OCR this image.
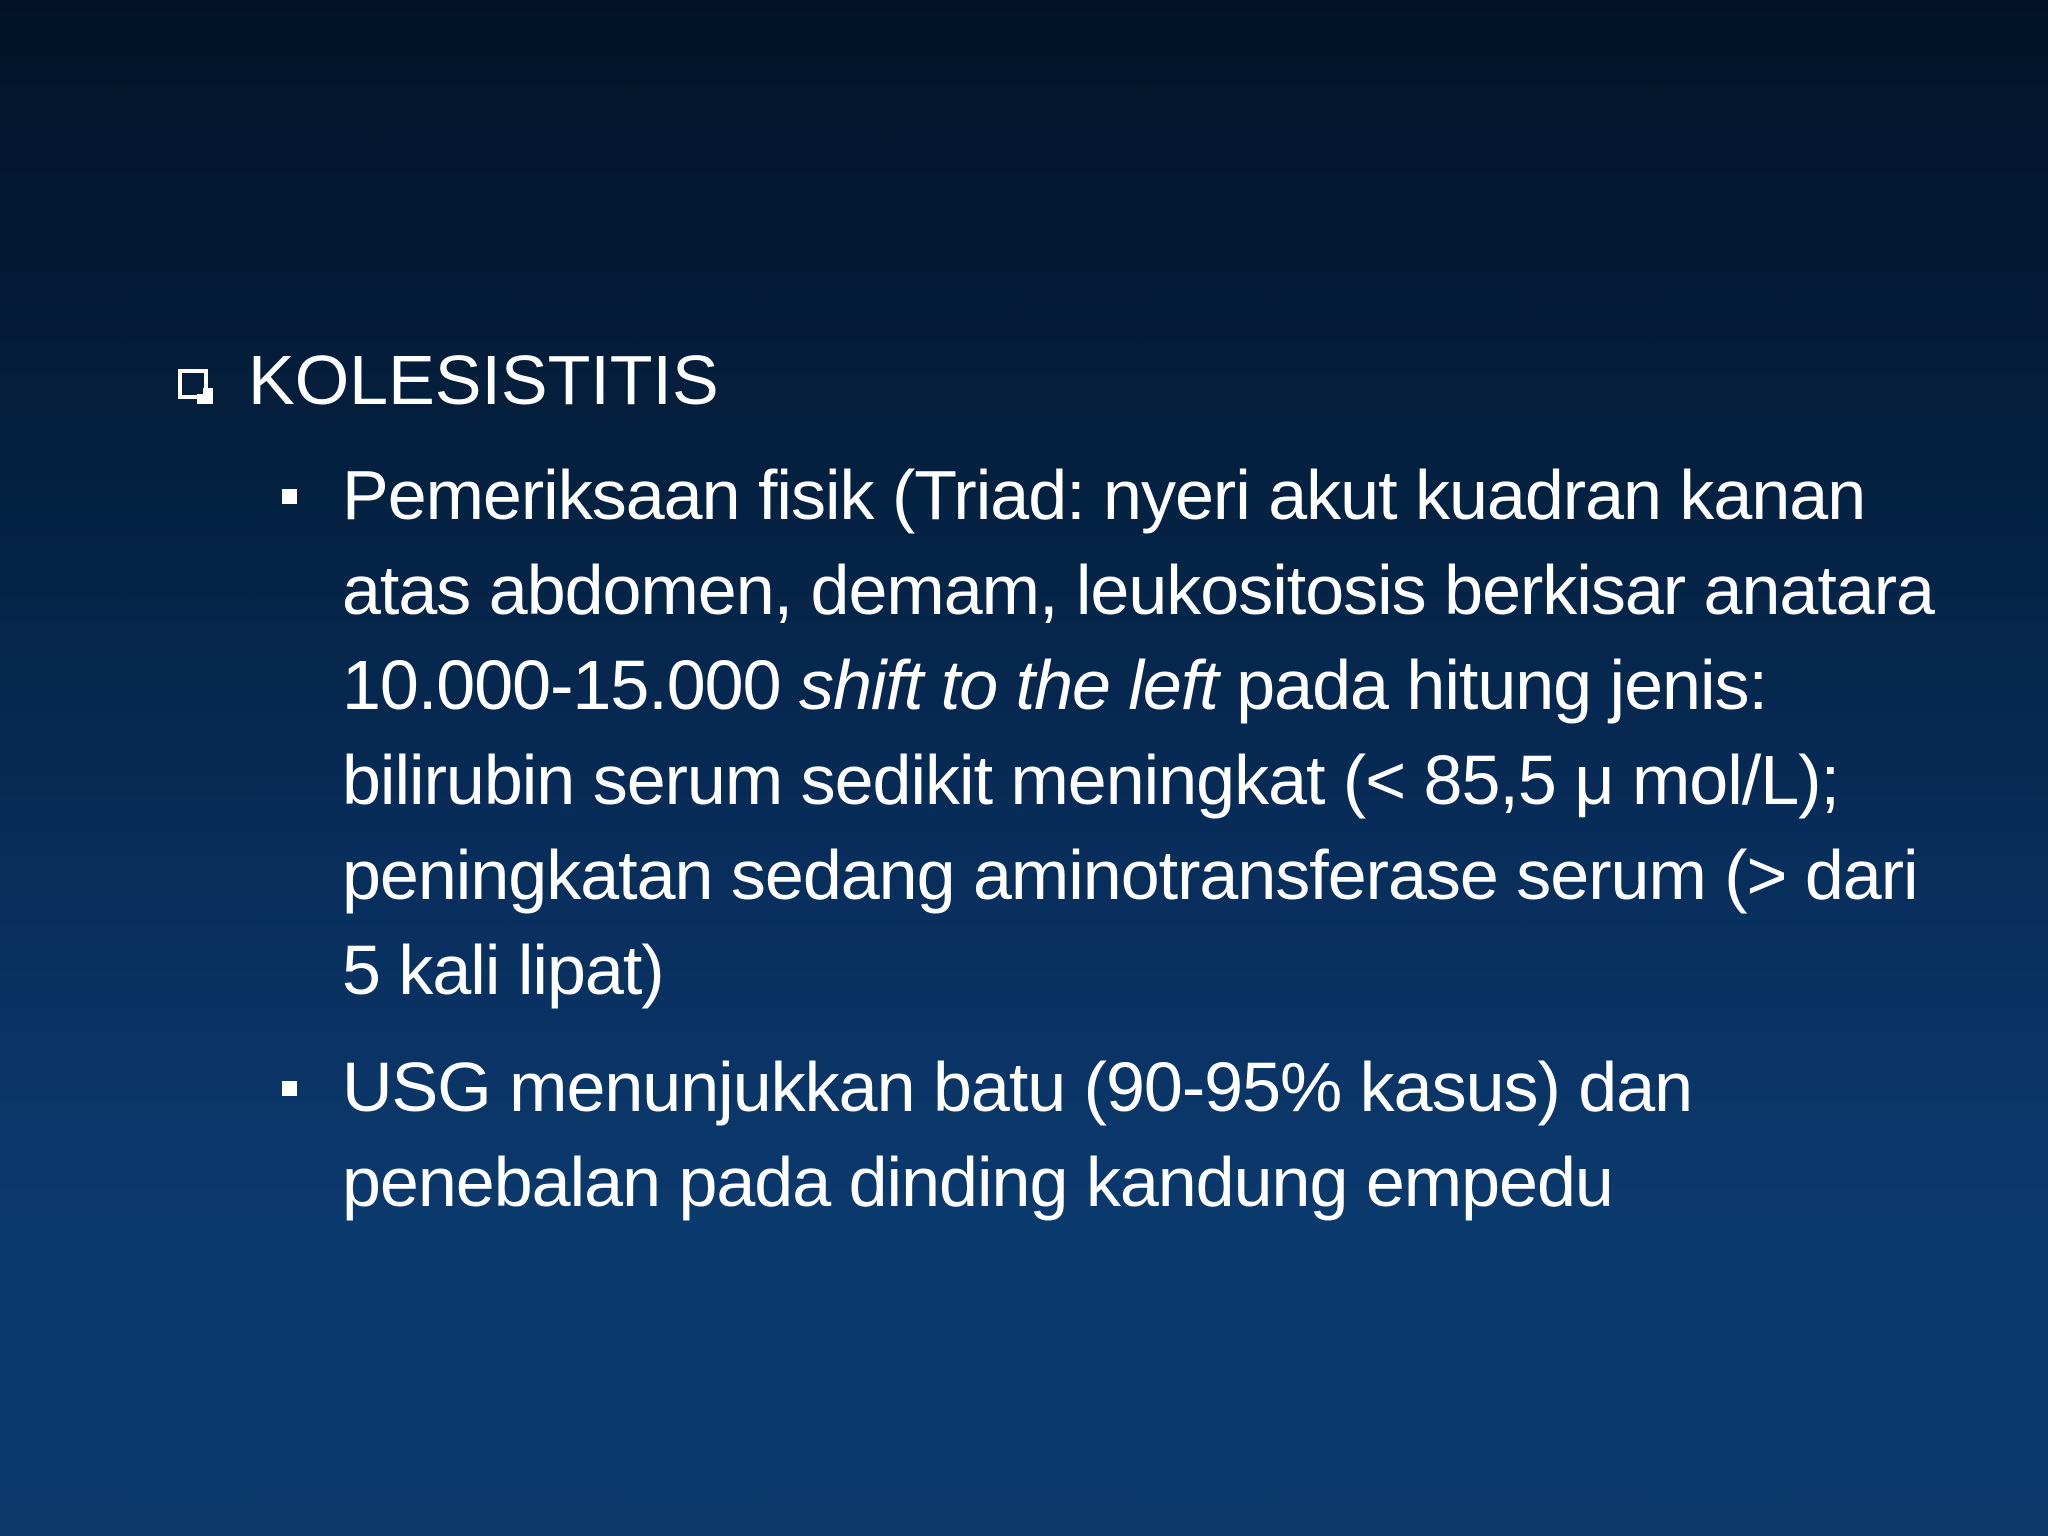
KOLESISTITIS
Pemeriksaan fisik (Triad: nyeri akut kuadran kanan
atas abdomen, demam, leukositosis berkisar anatara
10.000-15.000 shift to the left pada hitung jenis:
bilirubin serum sedikit meningkat (< 85,5 μ mol/L);
peningkatan sedang aminotransferase serum (> dari
5 kali lipat)
USG menunjukkan batu (90-95% kasus) dan
penebalan pada dinding kandung empedu
